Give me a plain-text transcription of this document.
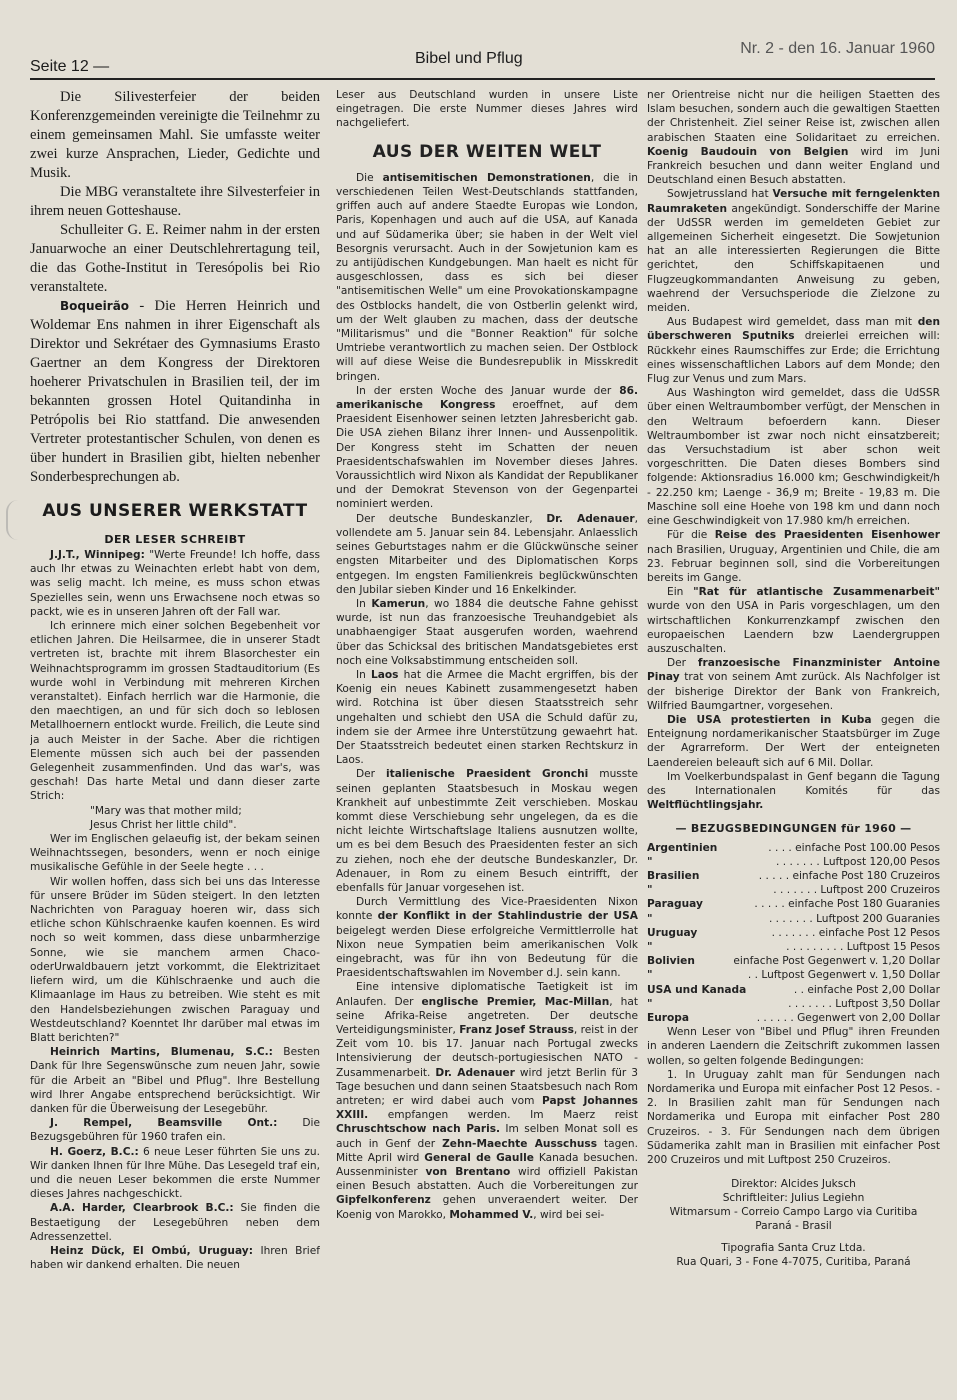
Seite 12 —	Bibel und Pflug
Nr. 2 - den 16. Januar 1960

Die Silivesterfeier der beiden Konferenzgemeinden vereinigte die Teilnehmr zu einem gemeinsamen Mahl. Sie umfasste weiter zwei kurze Ansprachen, Lieder, Gedichte und Musik.

Die MBG veranstaltete ihre Silvesterfeier in ihrem neuen Gotteshause.

Schulleiter G. E. Reimer nahm in der ersten Januarwoche an einer Deutschlehrertagung teil, die das Gothe-Institut in Teresópolis bei Rio veranstaltete.

Boqueirão - Die Herren Heinrich und Woldemar Ens nahmen in ihrer Eigenschaft als Direktor und Sekrétaer des Gymnasiums Erasto Gaertner an dem Kongress der Direktoren hoeherer Privatschulen in Brasilien teil, der im bekannten grossen Hotel Quitandinha in Petrópolis bei Rio stattfand. Die anwesenden Vertreter protestantischer Schulen, von denen es über hundert in Brasilien gibt, hielten nebenher Sonderbesprechungen ab.

AUS UNSERER WERKSTATT
DER LESER SCHREIBT

J.J.T., Winnipeg: "Werte Freunde! Ich hoffe, dass auch Ihr etwas zu Weinachten erlebt habt von dem, was selig macht. Ich meine, es muss schon etwas Spezielles sein, wenn uns Erwachsene noch etwas so packt, wie es in unseren Jahren oft der Fall war.

Ich erinnere mich einer solchen Begebenheit vor etlichen Jahren. Die Heilsarmee, die in unserer Stadt vertreten ist, brachte mit ihrem Blasorchester ein Weihnachtsprogramm im grossen Stadtauditorium (Es wurde wohl in Verbindung mit mehreren Kirchen veranstaltet). Einfach herrlich war die Harmonie, die den maechtigen, an und für sich doch so leblosen Metallhoernern entlockt wurde. Freilich, die Leute sind ja auch Meister in der Sache. Aber die richtigen Elemente müssen sich auch bei der passenden Gelegenheit zusammenfinden. Und das war's, was geschah! Das harte Metal und dann dieser zarte Strich:

"Mary was that mother mild;

Jesus Christ her little child".

Wer im Englischen gelaeufig ist, der bekam seinen Weihnachtssegen, besonders, wenn er noch einige musikalische Gefühle in der Seele hegte . . .

Wir wollen hoffen, dass sich bei uns das Interesse für unsere Brüder im Süden steigert. In den letzten Nachrichten von Paraguay hoeren wir, dass sich etliche schon Kühlschraenke kaufen koennen. Es wird noch so weit kommen, dass diese unbarmherzige Sonne, wie sie manchem armen Chaco- oderUrwaldbauern jetzt vorkommt, die Elektrizitaet liefern wird, um die Kühlschraenke und auch die Klimaanlage im Haus zu betreiben. Wie steht es mit den Handelsbeziehungen zwischen Paraguay und Westdeutschland? Koenntet Ihr darüber mal etwas im Blatt berichten?"

Heinrich Martins, Blumenau, S.C.: Besten Dank für Ihre Segenswünsche zum neuen Jahr, sowie für die Arbeit an "Bibel und Pflug". Ihre Bestellung wird Ihrer Angabe entsprechend berücksichtigt. Wir danken für die Überweisung der Lesegebühr.

J. Rempel, Beamsville Ont.: Die Bezugsgebühren für 1960 trafen ein.

H. Goerz, B.C.: 6 neue Leser führten Sie uns zu. Wir danken Ihnen für Ihre Mühe. Das Lesegeld traf ein, und die neuen Leser bekommen die erste Nummer dieses Jahres nachgeschickt.

A.A. Harder, Clearbrook B.C.: Sie finden die Bestaetigung der Lesegebühren neben dem Adressenzettel.

Heinz Dück, El Ombú, Uruguay: Ihren Brief haben wir dankend erhalten. Die neuen

Leser aus Deutschland wurden in unsere Liste eingetragen. Die erste Nummer dieses Jahres wird nachgeliefert.

AUS DER WEITEN WELT

Die antisemitischen Demonstrationen, die in verschiedenen Teilen West-Deutschlands stattfanden, griffen auch auf andere Staedte Europas wie London, Paris, Kopenhagen und auch auf die USA, auf Kanada und auf Südamerika über; sie haben in der Welt viel Besorgnis verursacht. Auch in der Sowjetunion kam es zu antijüdischen Kundgebungen. Man haelt es nicht für ausgeschlossen, dass es sich bei dieser "antisemitischen Welle" um eine Provokationskampagne des Ostblocks handelt, die von Ostberlin gelenkt wird, um der Welt glauben zu machen, dass der deutsche "Militarismus" und die "Bonner Reaktion" für solche Umtriebe verantwortlich zu machen seien. Der Ostblock will auf diese Weise die Bundesrepublik in Misskredit bringen.

In der ersten Woche des Januar wurde der 86. amerikanische Kongress eroeffnet, auf dem Praesident Eisenhower seinen letzten Jahresbericht gab. Die USA ziehen Bilanz ihrer Innen- und Aussenpolitik. Der Kongress steht im Schatten der neuen Praesidentschafswahlen im November dieses Jahres. Voraussichtlich wird Nixon als Kandidat der Republikaner und der Demokrat Stevenson von der Gegenpartei nominiert werden.

Der deutsche Bundeskanzler, Dr. Adenauer, vollendete am 5. Januar sein 84. Lebensjahr. Anlaesslich seines Geburtstages nahm er die Glückwünsche seiner engsten Mitarbeiter und des Diplomatischen Korps entgegen. Im engsten Familienkreis beglückwünschten den Jubilar sieben Kinder und 16 Enkelkinder.

In Kamerun, wo 1884 die deutsche Fahne gehisst wurde, ist nun das franzoesische Treuhandgebiet als unabhaengiger Staat ausgerufen worden, waehrend über das Schicksal des britischen Mandatsgebietes erst noch eine Volksabstimmung entscheiden soll.

In Laos hat die Armee die Macht ergriffen, bis der Koenig ein neues Kabinett zusammengesetzt haben wird. Rotchina ist über diesen Staatsstreich sehr ungehalten und schiebt den USA die Schuld dafür zu, indem sie der Armee ihre Unterstützung gewaehrt hat. Der Staatsstreich bedeutet einen starken Rechtskurz in Laos.

Der italienische Praesident Gronchi musste seinen geplanten Staatsbesuch in Moskau wegen Krankheit auf unbestimmte Zeit verschieben. Moskau kommt diese Verschiebung sehr ungelegen, da es die nicht leichte Wirtschaftslage Italiens ausnutzen wollte, um es bei dem Besuch des Praesidenten fester an sich zu ziehen, noch ehe der deutsche Bundeskanzler, Dr. Adenauer, in Rom zu einem Besuch eintrifft, der ebenfalls für Januar vorgesehen ist.

Durch Vermittlung des Vice-Praesidenten Nixon konnte der Konflikt in der Stahlindustrie der USA beigelegt werden Diese erfolgreiche Vermittlerrolle hat Nixon neue Sympatien beim amerikanischen Volk eingebracht, was für ihn von Bedeutung für die Praesidentschaftswahlen im November d.J. sein kann.

Eine intensive diplomatische Taetigkeit ist im Anlaufen. Der englische Premier, Mac-Millan, hat seine Afrika-Reise angetreten. Der deutsche Verteidigungsminister, Franz Josef Strauss, reist in der Zeit vom 10. bis 17. Januar nach Portugal zwecks Intensivierung der deutsch-portugiesischen NATO - Zusammenarbeit. Dr. Adenauer wird jetzt Berlin für 3 Tage besuchen und dann seinen Staatsbesuch nach Rom antreten; er wird dabei auch vom Papst Johannes XXIII. empfangen werden. Im Maerz reist Chruschtschow nach Paris. Im selben Monat soll es auch in Genf der Zehn-Maechte Ausschuss tagen. Mitte April wird General de Gaulle Kanada besuchen. Aussenminister von Brentano wird offiziell Pakistan einen Besuch abstatten. Auch die Vorbereitungen zur Gipfelkonferenz gehen unveraendert weiter. Der Koenig von Marokko, Mohammed V., wird bei sei-

ner Orientreise nicht nur die heiligen Staetten des Islam besuchen, sondern auch die gewaltigen Staetten der Christenheit. Ziel seiner Reise ist, zwischen allen arabischen Staaten eine Solidaritaet zu erreichen. Koenig Baudouin von Belgien wird im Juni Frankreich besuchen und dann weiter England und Deutschland einen Besuch abstatten.

Sowjetrussland hat Versuche mit ferngelenkten Raumraketen angekündigt. Sonderschiffe der Marine der UdSSR werden im gemeldeten Gebiet zur allgemeinen Sicherheit eingesetzt. Die Sowjetunion hat an alle interessierten Regierungen die Bitte gerichtet, den Schiffskapitaenen und Flugzeugkommandanten Anweisung zu geben, waehrend der Versuchsperiode die Zielzone zu meiden.

Aus Budapest wird gemeldet, dass man mit den überschweren Sputniks dreierlei erreichen will: Rückkehr eines Raumschiffes zur Erde; die Errichtung eines wissenschaftlichen Labors auf dem Monde; den Flug zur Venus und zum Mars.

Aus Washington wird gemeldet, dass die UdSSR über einen Weltraumbomber verfügt, der Menschen in den Weltraum befoerdern kann. Dieser Weltraumbomber ist zwar noch nicht einsatzbereit; das Versuchstadium ist aber schon weit vorgeschritten. Die Daten dieses Bombers sind folgende: Aktionsradius 16.000 km; Geschwindigkeit/h - 22.250 km; Laenge - 36,9 m; Breite - 19,83 m. Die Maschine soll eine Hoehe von 198 km und dann noch eine Geschwindigkeit von 17.980 km/h erreichen.

Für die Reise des Praesidenten Eisenhower nach Brasilien, Uruguay, Argentinien und Chile, die am 23. Februar beginnen soll, sind die Vorbereitungen bereits im Gange.

Ein "Rat für atlantische Zusammenarbeit" wurde von den USA in Paris vorgeschlagen, um den wirtschaftlichen Konkurrenzkampf zwischen den europaeischen Laendern bzw Laendergruppen auszuschalten.

Der franzoesische Finanzminister Antoine Pinay trat von seinem Amt zurück. Als Nachfolger ist der bisherige Direktor der Bank von Frankreich, Wilfried Baumgartner, vorgesehen.

Die USA protestierten in Kuba gegen die Enteignung nordamerikanischer Staatsbürger im Zuge der Agrarreform. Der Wert der enteigneten Laendereien beleauft sich auf 6 Mil. Dollar.

Im Voelkerbundspalast in Genf begann die Tagung des Internationalen Komités für das Weltflüchtlingsjahr.

— BEZUGSBEDINGUNGEN für 1960 —
Argentinien	. . . . einfache Post 100.00 Pesos
"	. . . . . . . Luftpost 120,00 Pesos
Brasilien	. . . . . einfache Post 180 Cruzeiros
"	. . . . . . . Luftpost 200 Cruzeiros
Paraguay	. . . . . einfache Post 180 Guaranies
"	. . . . . . . Luftpost 200 Guaranies
Uruguay	. . . . . . . einfache Post 12 Pesos
"	. . . . . . . . . Luftpost 15 Pesos
Bolivien	einfache Post Gegenwert v. 1,20 Dollar
"	. . Luftpost Gegenwert v. 1,50 Dollar
USA und Kanada	. . einfache Post 2,00 Dollar
"	. . . . . . . Luftpost 3,50 Dollar
Europa	. . . . . . Gegenwert von 2,00 Dollar

Wenn Leser von "Bibel und Pflug" ihren Freunden in anderen Laendern die Zeitschrift zukommen lassen wollen, so gelten folgende Bedingungen:

1. In Uruguay zahlt man für Sendungen nach Nordamerika und Europa mit einfacher Post 12 Pesos. - 2. In Brasilien zahlt man für Sendungen nach Nordamerika und Europa mit einfacher Post 280 Cruzeiros. - 3. Für Sendungen nach dem übrigen Südamerika zahlt man in Brasilien mit einfacher Post 200 Cruzeiros und mit Luftpost 250 Cruzeiros.

Direktor: Alcides Juksch
Schriftleiter: Julius Legiehn
Witmarsum - Correio Campo Largo via Curitiba
Paraná - Brasil
Tipografia Santa Cruz Ltda.
Rua Quari, 3 - Fone 4-7075, Curitiba, Paraná
